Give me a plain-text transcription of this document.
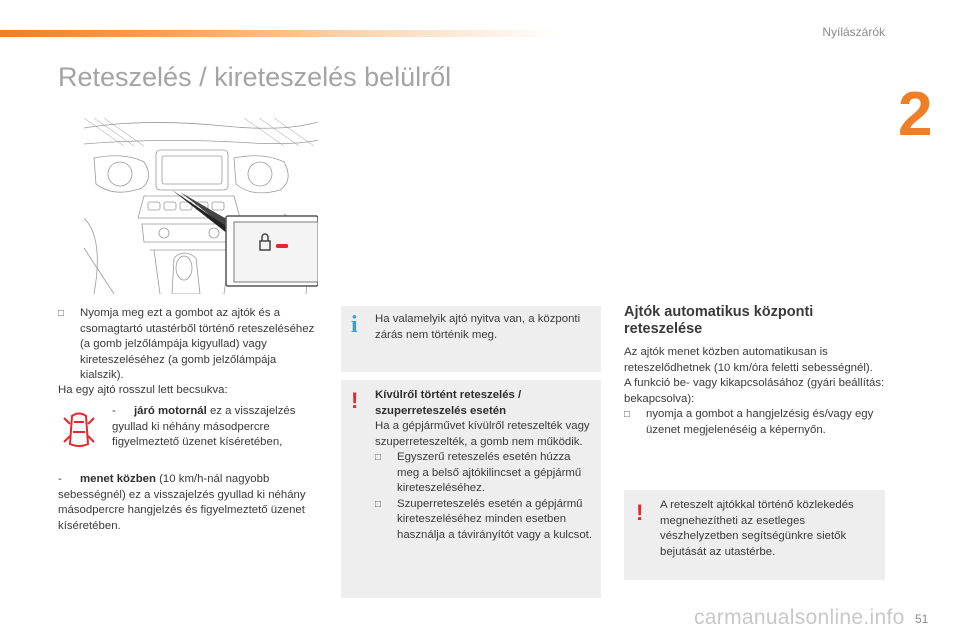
Nyílászárók
2
Reteszelés / kireteszelés belülről
□	Nyomja meg ezt a gombot az ajtók és a csomagtartó utastérből történő reteszeléséhez (a gomb jelzőlámpája kigyullad) vagy kireteszeléséhez (a gomb jelzőlámpája kialszik).
Ha egy ajtó rosszul lett becsukva:
- járó motornál ez a visszajelzés gyullad ki néhány másodpercre figyelmeztető üzenet kíséretében,
- menet közben (10 km/h-nál nagyobb sebességnél) ez a visszajelzés gyullad ki néhány másodpercre hangjelzés és figyelmeztető üzenet kíséretében.
i Ha valamelyik ajtó nyitva van, a központi zárás nem történik meg.
! Kívülről történt reteszelés / szuperreteszelés esetén
Ha a gépjárművet kívülről reteszelték vagy szuperreteszelték, a gomb nem működik.
□	Egyszerű reteszelés esetén húzza meg a belső ajtókilincset a gépjármű kireteszeléséhez.
□	Szuperreteszelés esetén a gépjármű kireteszeléséhez minden esetben használja a távirányítót vagy a kulcsot.
Ajtók automatikus központi reteszelése
Az ajtók menet közben automatikusan is reteszelődhetnek (10 km/óra feletti sebességnél).
A funkció be- vagy kikapcsolásához (gyári beállítás: bekapcsolva):
□	nyomja a gombot a hangjelzésig és/vagy egy üzenet megjelenéséig a képernyőn.
! A reteszelt ajtókkal történő közlekedés megnehezítheti az esetleges vészhelyzetben segítségünkre sietők bejutását az utastérbe.
carmanualsonline.info 51
